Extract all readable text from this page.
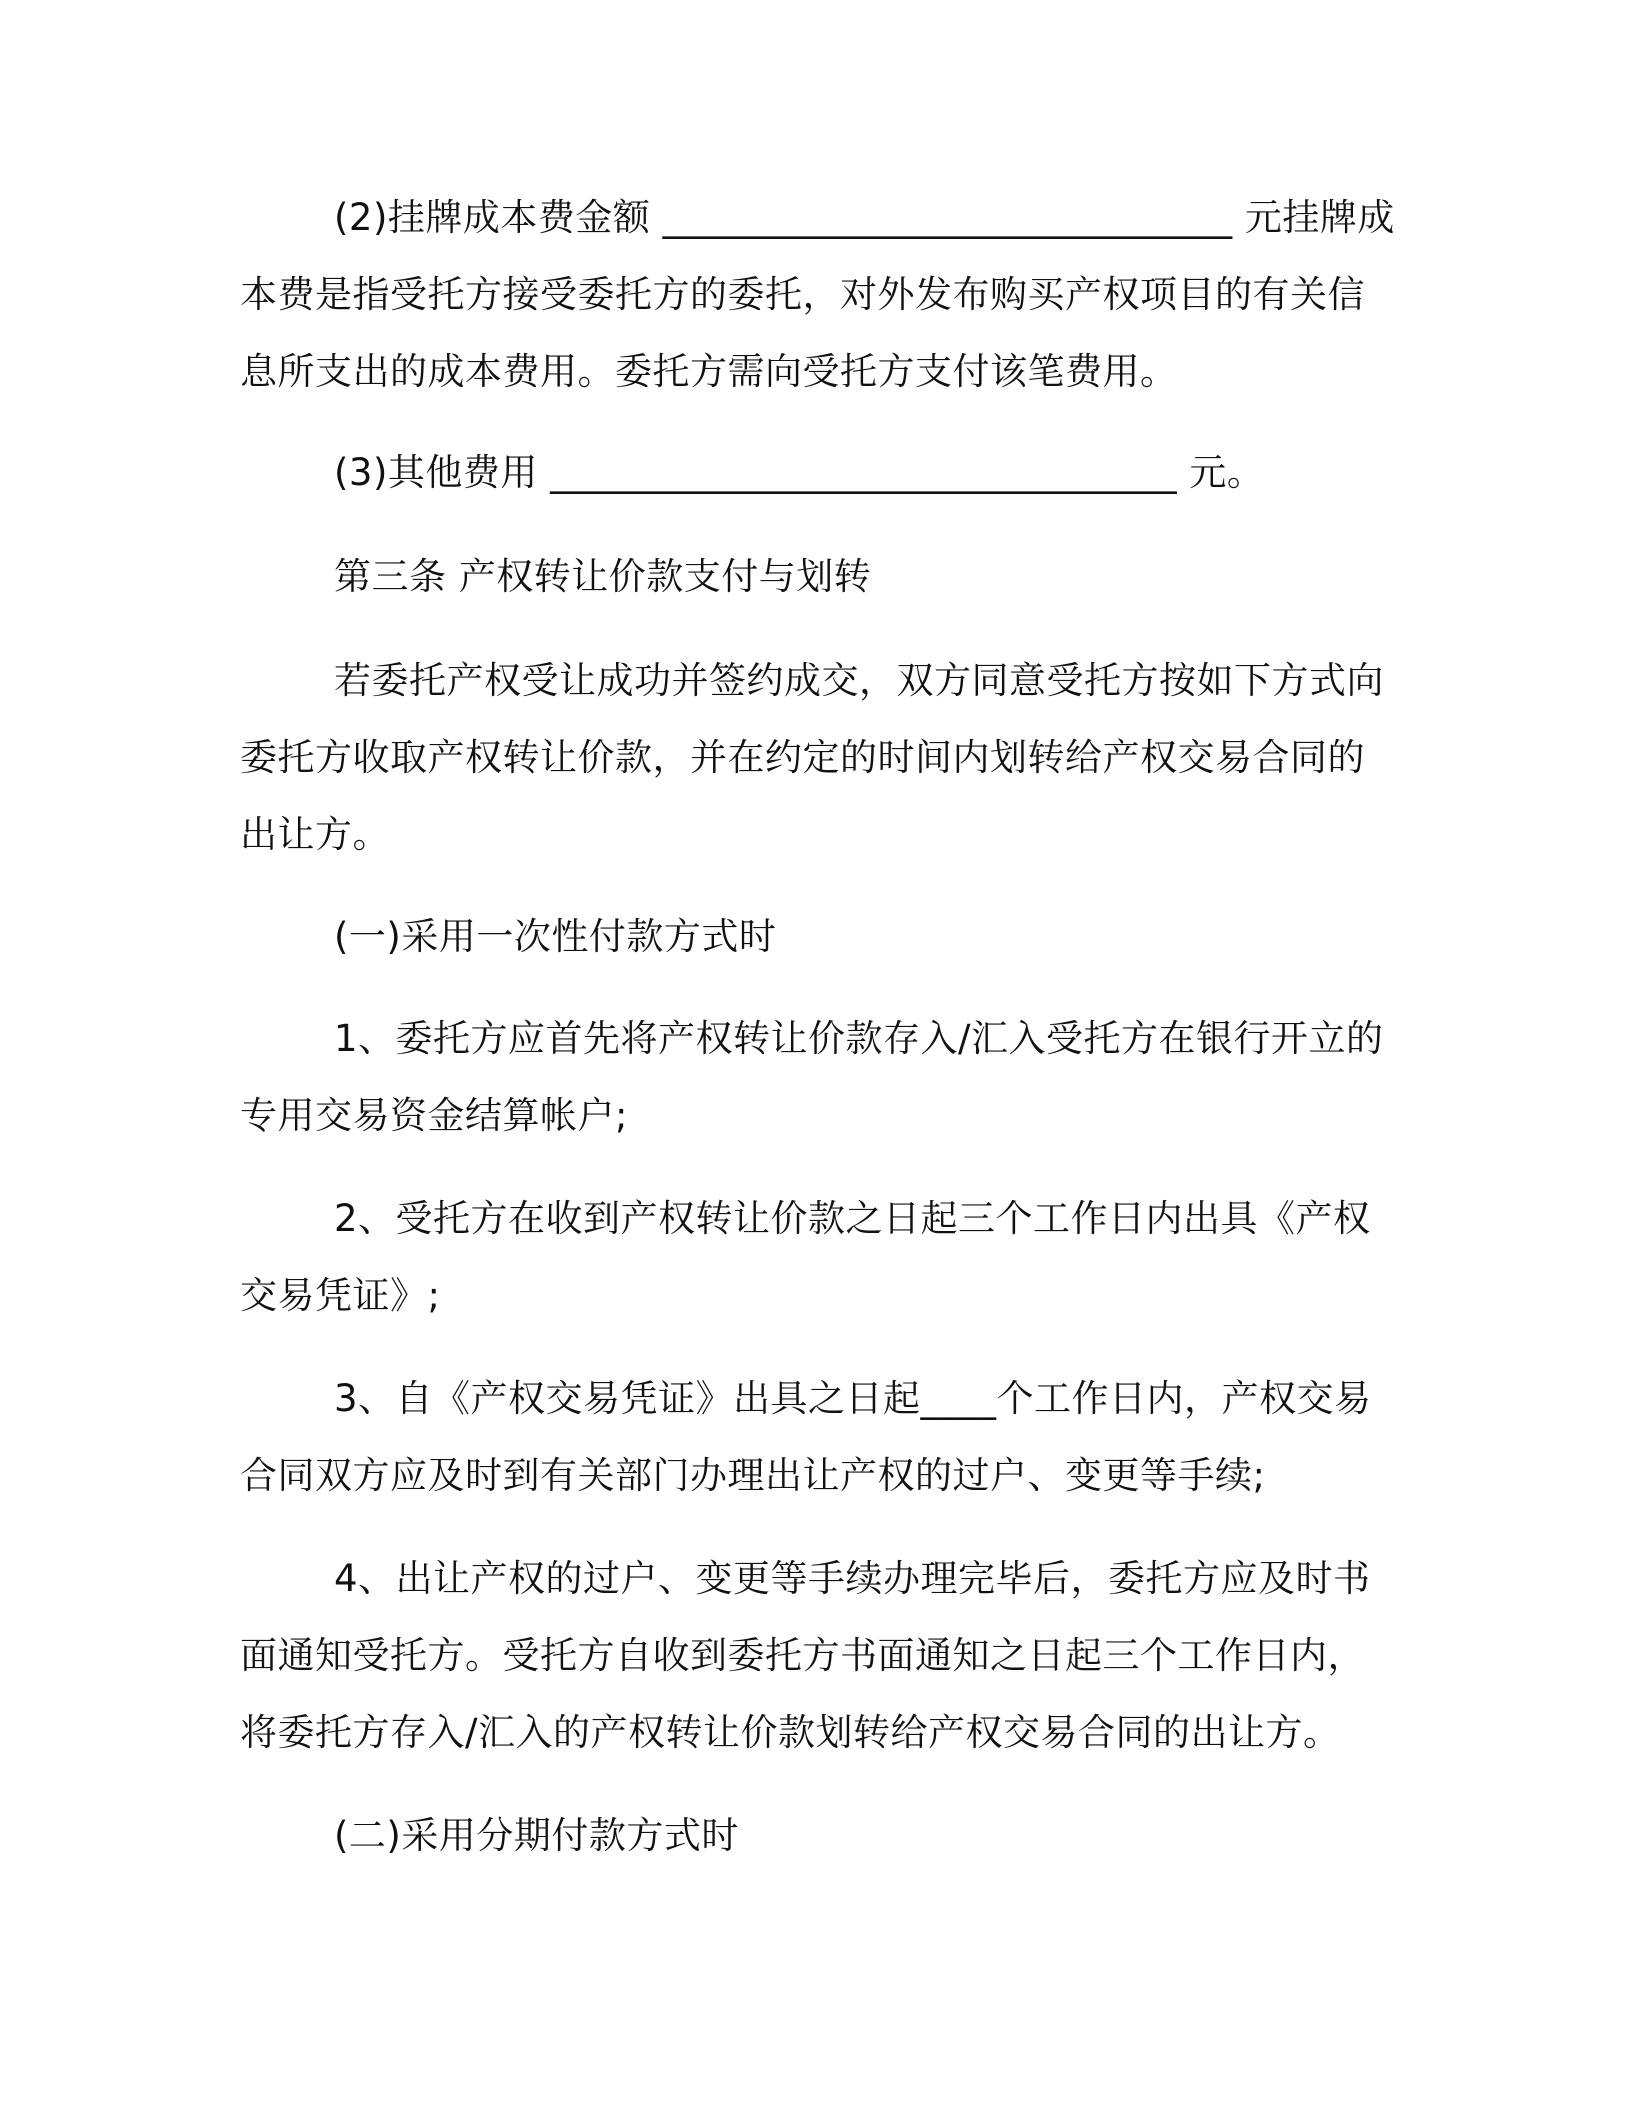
(2)挂牌成本费金额 ______________________________ 元挂牌成
本费是指受托方接受委托方的委托，对外发布购买产权项目的有关信
息所支出的成本费用。委托方需向受托方支付该笔费用。
(3)其他费用 _________________________________ 元。
第三条 产权转让价款支付与划转
若委托产权受让成功并签约成交，双方同意受托方按如下方式向
委托方收取产权转让价款，并在约定的时间内划转给产权交易合同的
出让方。
(一)采用一次性付款方式时
1、委托方应首先将产权转让价款存入/汇入受托方在银行开立的
专用交易资金结算帐户;
2、受托方在收到产权转让价款之日起三个工作日内出具《产权
交易凭证》;
3、自《产权交易凭证》出具之日起____个工作日内，产权交易
合同双方应及时到有关部门办理出让产权的过户、变更等手续;
4、出让产权的过户、变更等手续办理完毕后，委托方应及时书
面通知受托方。受托方自收到委托方书面通知之日起三个工作日内，
将委托方存入/汇入的产权转让价款划转给产权交易合同的出让方。
(二)采用分期付款方式时
